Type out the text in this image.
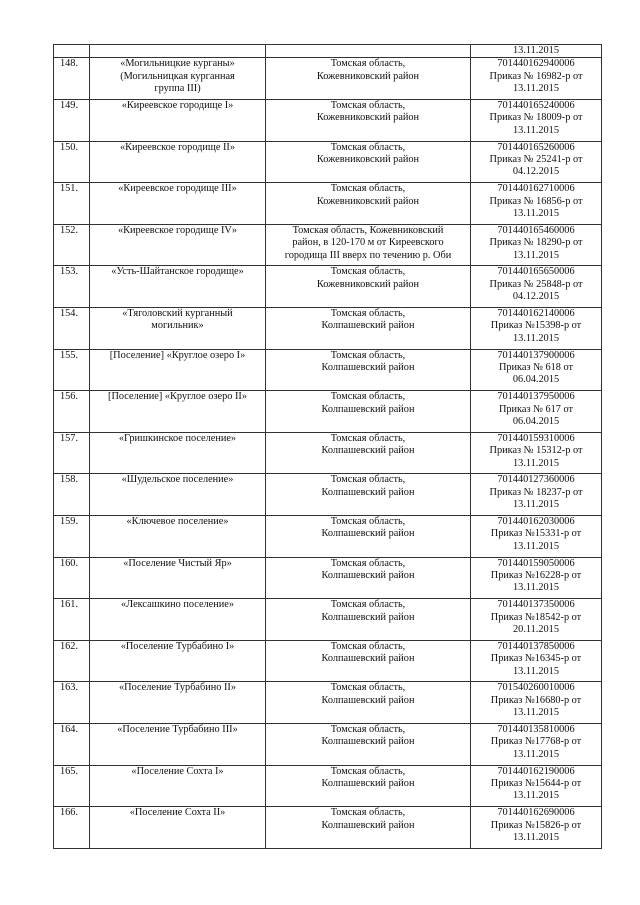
			13.11.2015

148.	«Могильницкие курганы»
(Могильницкая курганная
группа III)	Томская область,
Кожевниковский район	701440162940006
Приказ № 16982-р от
13.11.2015

149.	«Киреевское городище I»	Томская область,
Кожевниковский район	701440165240006
Приказ № 18009-р от
13.11.2015

150.	«Киреевское городище II»	Томская область,
Кожевниковский район	701440165260006
Приказ № 25241-р от
04.12.2015

151.	«Киреевское городище III»	Томская область,
Кожевниковский район	701440162710006
Приказ № 16856-р от
13.11.2015

152.	«Киреевское городище IV»	Томская область, Кожевниковский
район, в 120-170 м от Киреевского
городища III вверх по течению р. Оби	701440165460006
Приказ № 18290-р от
13.11.2015

153.	«Усть-Шайтанское городище»	Томская область,
Кожевниковский район	701440165650006
Приказ № 25848-р от
04.12.2015

154.	«Тяголовский курганный
могильник»	Томская область,
Колпашевский район	701440162140006
Приказ №15398-р от
13.11.2015

155.	[Поселение] «Круглое озеро I»	Томская область,
Колпашевский район	701440137900006
Приказ № 618 от
06.04.2015

156.	[Поселение] «Круглое озеро II»	Томская область,
Колпашевский район	701440137950006
Приказ № 617 от
06.04.2015

157.	«Гришкинское поселение»	Томская область,
Колпашевский район	701440159310006
Приказ № 15312-р от
13.11.2015

158.	«Шудельское поселение»	Томская область,
Колпашевский район	701440127360006
Приказ № 18237-р от
13.11.2015

159.	«Ключевое поселение»	Томская область,
Колпашевский район	701440162030006
Приказ №15331-р от
13.11.2015

160.	«Поселение Чистый Яр»	Томская область,
Колпашевский район	701440159050006
Приказ №16228-р от
13.11.2015

161.	«Лексашкино поселение»	Томская область,
Колпашевский район	701440137350006
Приказ №18542-р от
20.11.2015

162.	«Поселение Турбабино I»	Томская область,
Колпашевский район	701440137850006
Приказ №16345-р от
13.11.2015

163.	«Поселение Турбабино II»	Томская область,
Колпашевский район	701540260010006
Приказ №16680-р от
13.11.2015

164.	«Поселение Турбабино III»	Томская область,
Колпашевский район	701440135810006
Приказ №17768-р от
13.11.2015

165.	«Поселение Сохта I»	Томская область,
Колпашевский район	701440162190006
Приказ №15644-р от
13.11.2015

166.	«Поселение Сохта II»	Томская область,
Колпашевский район	701440162690006
Приказ №15826-р от
13.11.2015
